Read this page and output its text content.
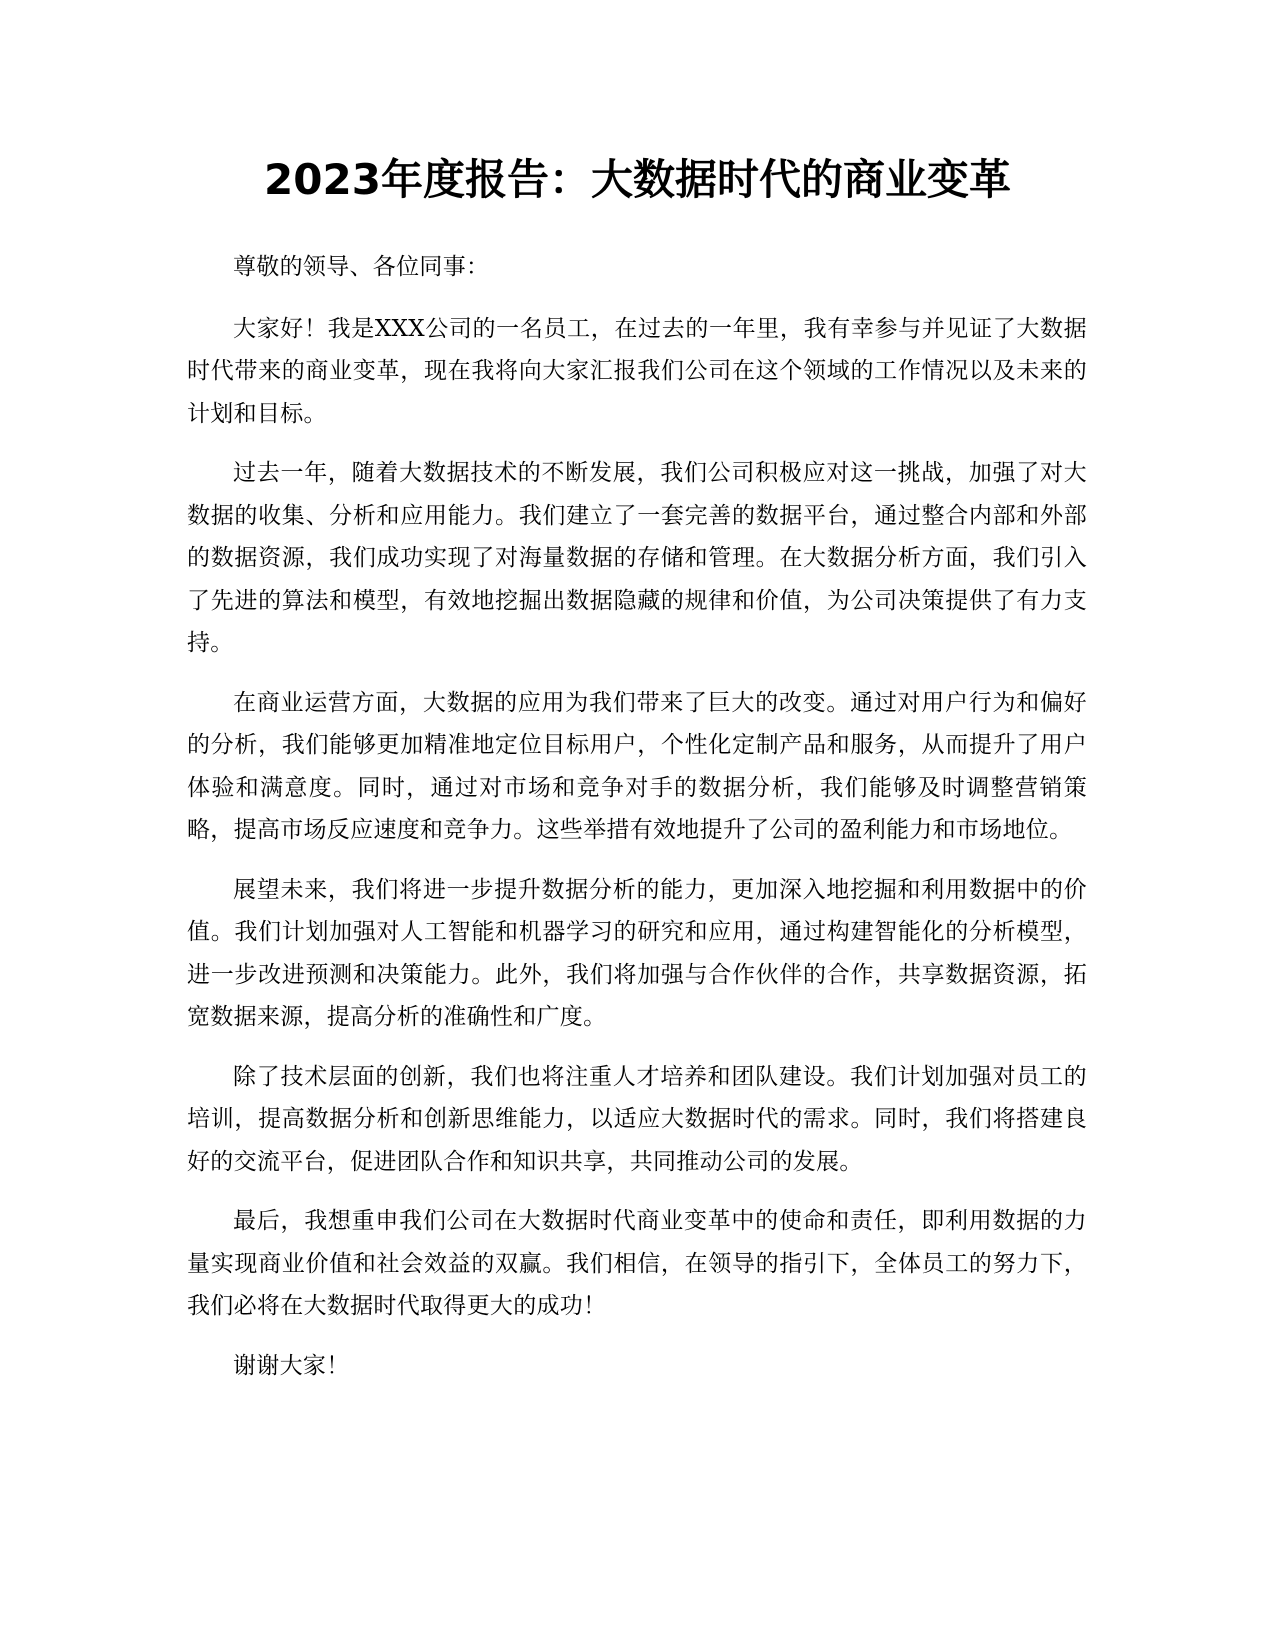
2023年度报告：大数据时代的商业变革

尊敬的领导、各位同事：

大家好！我是XXX公司的一名员工，在过去的一年里，我有幸参与并见证了大数据时代带来的商业变革，现在我将向大家汇报我们公司在这个领域的工作情况以及未来的计划和目标。

过去一年，随着大数据技术的不断发展，我们公司积极应对这一挑战，加强了对大数据的收集、分析和应用能力。我们建立了一套完善的数据平台，通过整合内部和外部的数据资源，我们成功实现了对海量数据的存储和管理。在大数据分析方面，我们引入了先进的算法和模型，有效地挖掘出数据隐藏的规律和价值，为公司决策提供了有力支持。

在商业运营方面，大数据的应用为我们带来了巨大的改变。通过对用户行为和偏好的分析，我们能够更加精准地定位目标用户，个性化定制产品和服务，从而提升了用户体验和满意度。同时，通过对市场和竞争对手的数据分析，我们能够及时调整营销策略，提高市场反应速度和竞争力。这些举措有效地提升了公司的盈利能力和市场地位。

展望未来，我们将进一步提升数据分析的能力，更加深入地挖掘和利用数据中的价值。我们计划加强对人工智能和机器学习的研究和应用，通过构建智能化的分析模型，进一步改进预测和决策能力。此外，我们将加强与合作伙伴的合作，共享数据资源，拓宽数据来源，提高分析的准确性和广度。

除了技术层面的创新，我们也将注重人才培养和团队建设。我们计划加强对员工的培训，提高数据分析和创新思维能力，以适应大数据时代的需求。同时，我们将搭建良好的交流平台，促进团队合作和知识共享，共同推动公司的发展。

最后，我想重申我们公司在大数据时代商业变革中的使命和责任，即利用数据的力量实现商业价值和社会效益的双赢。我们相信，在领导的指引下，全体员工的努力下，我们必将在大数据时代取得更大的成功！

谢谢大家！
